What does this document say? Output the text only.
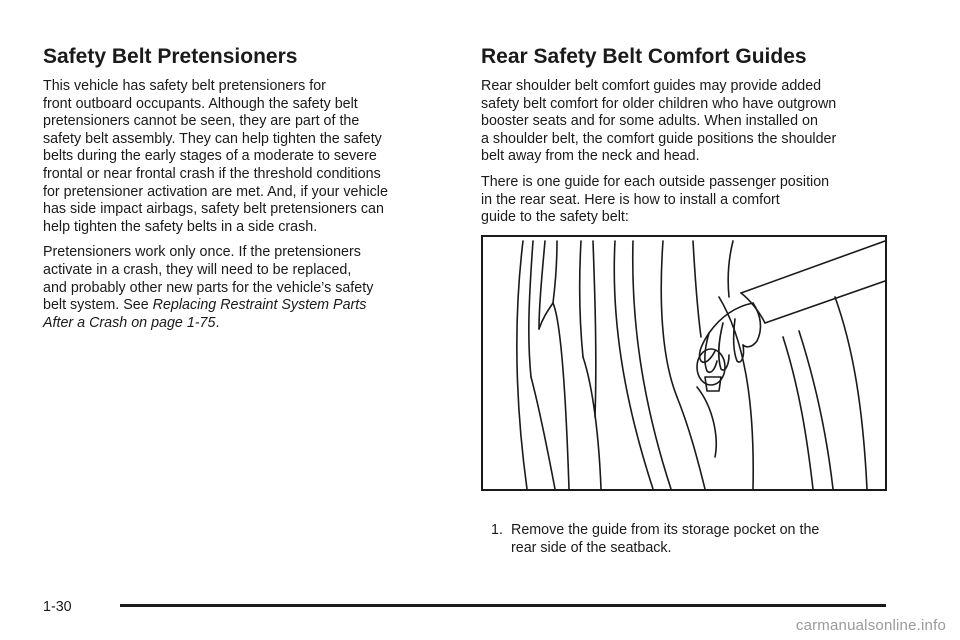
Safety Belt Pretensioners

This vehicle has safety belt pretensioners for
front outboard occupants. Although the safety belt
pretensioners cannot be seen, they are part of the
safety belt assembly. They can help tighten the safety
belts during the early stages of a moderate to severe
frontal or near frontal crash if the threshold conditions
for pretensioner activation are met. And, if your vehicle
has side impact airbags, safety belt pretensioners can
help tighten the safety belts in a side crash.

Pretensioners work only once. If the pretensioners
activate in a crash, they will need to be replaced,
and probably other new parts for the vehicle’s safety
belt system. See Replacing Restraint System Parts
After a Crash on page 1-75.

Rear Safety Belt Comfort Guides

Rear shoulder belt comfort guides may provide added
safety belt comfort for older children who have outgrown
booster seats and for some adults. When installed on
a shoulder belt, the comfort guide positions the shoulder
belt away from the neck and head.

There is one guide for each outside passenger position
in the rear seat. Here is how to install a comfort
guide to the safety belt:

1. Remove the guide from its storage pocket on the
rear side of the seatback.
1-30
carmanualsonline.info
